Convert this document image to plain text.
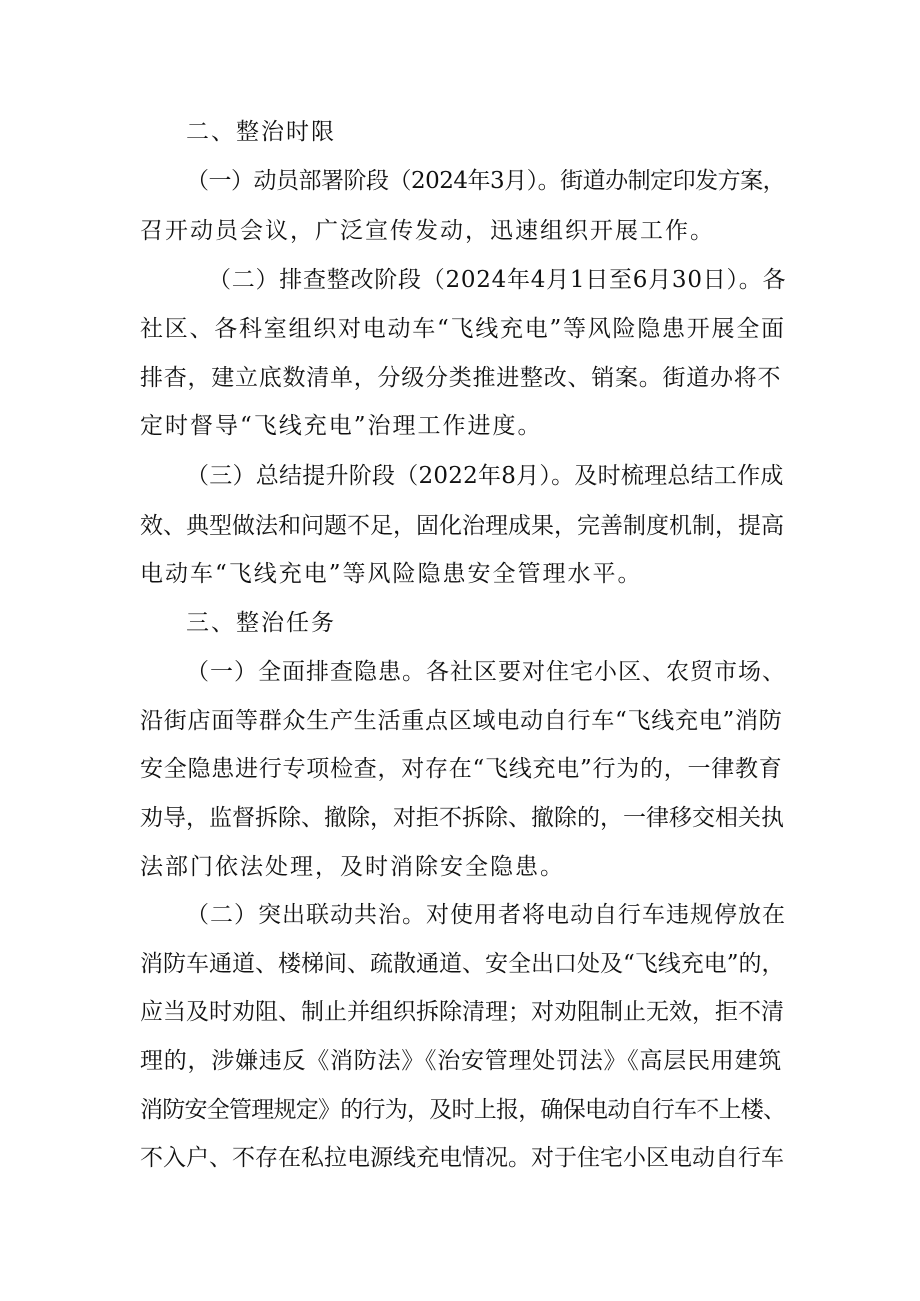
二、整治时限
（一）动员部署阶段（2024年3月）。街道办制定印发方案，
召开动员会议，广泛宣传发动，迅速组织开展工作。
（二）排查整改阶段（2024年4月1日至6月30日）。各
社区、各科室组织对电动车“飞线充电”等风险隐患开展全面
排杳，建立底数清单，分级分类推进整改、销案。街道办将不
定时督导“飞线充电”治理工作进度。
（三）总结提升阶段（2022年8月）。及时梳理总结工作成
效、典型做法和问题不足，固化治理成果，完善制度机制，提高
电动车“飞线充电”等风险隐患安全管理水平。
三、整治任务
（一）全面排查隐患。各社区要对住宅小区、农贸市场、
沿街店面等群众生产生活重点区域电动自行车“飞线充电”消防
安全隐患进行专项检查，对存在“飞线充电”行为的，一律教育
劝导，监督拆除、撤除，对拒不拆除、撤除的，一律移交相关执
法部门依法处理，及时消除安全隐患。
（二）突出联动共治。对使用者将电动自行车违规停放在
消防车通道、楼梯间、疏散通道、安全出口处及“飞线充电”的，
应当及时劝阻、制止并组织拆除清理；对劝阻制止无效，拒不清
理的，涉嫌违反《消防法》《治安管理处罚法》《高层民用建筑
消防安全管理规定》的行为，及时上报，确保电动自行车不上楼、
不入户、不存在私拉电源线充电情况。对于住宅小区电动自行车
